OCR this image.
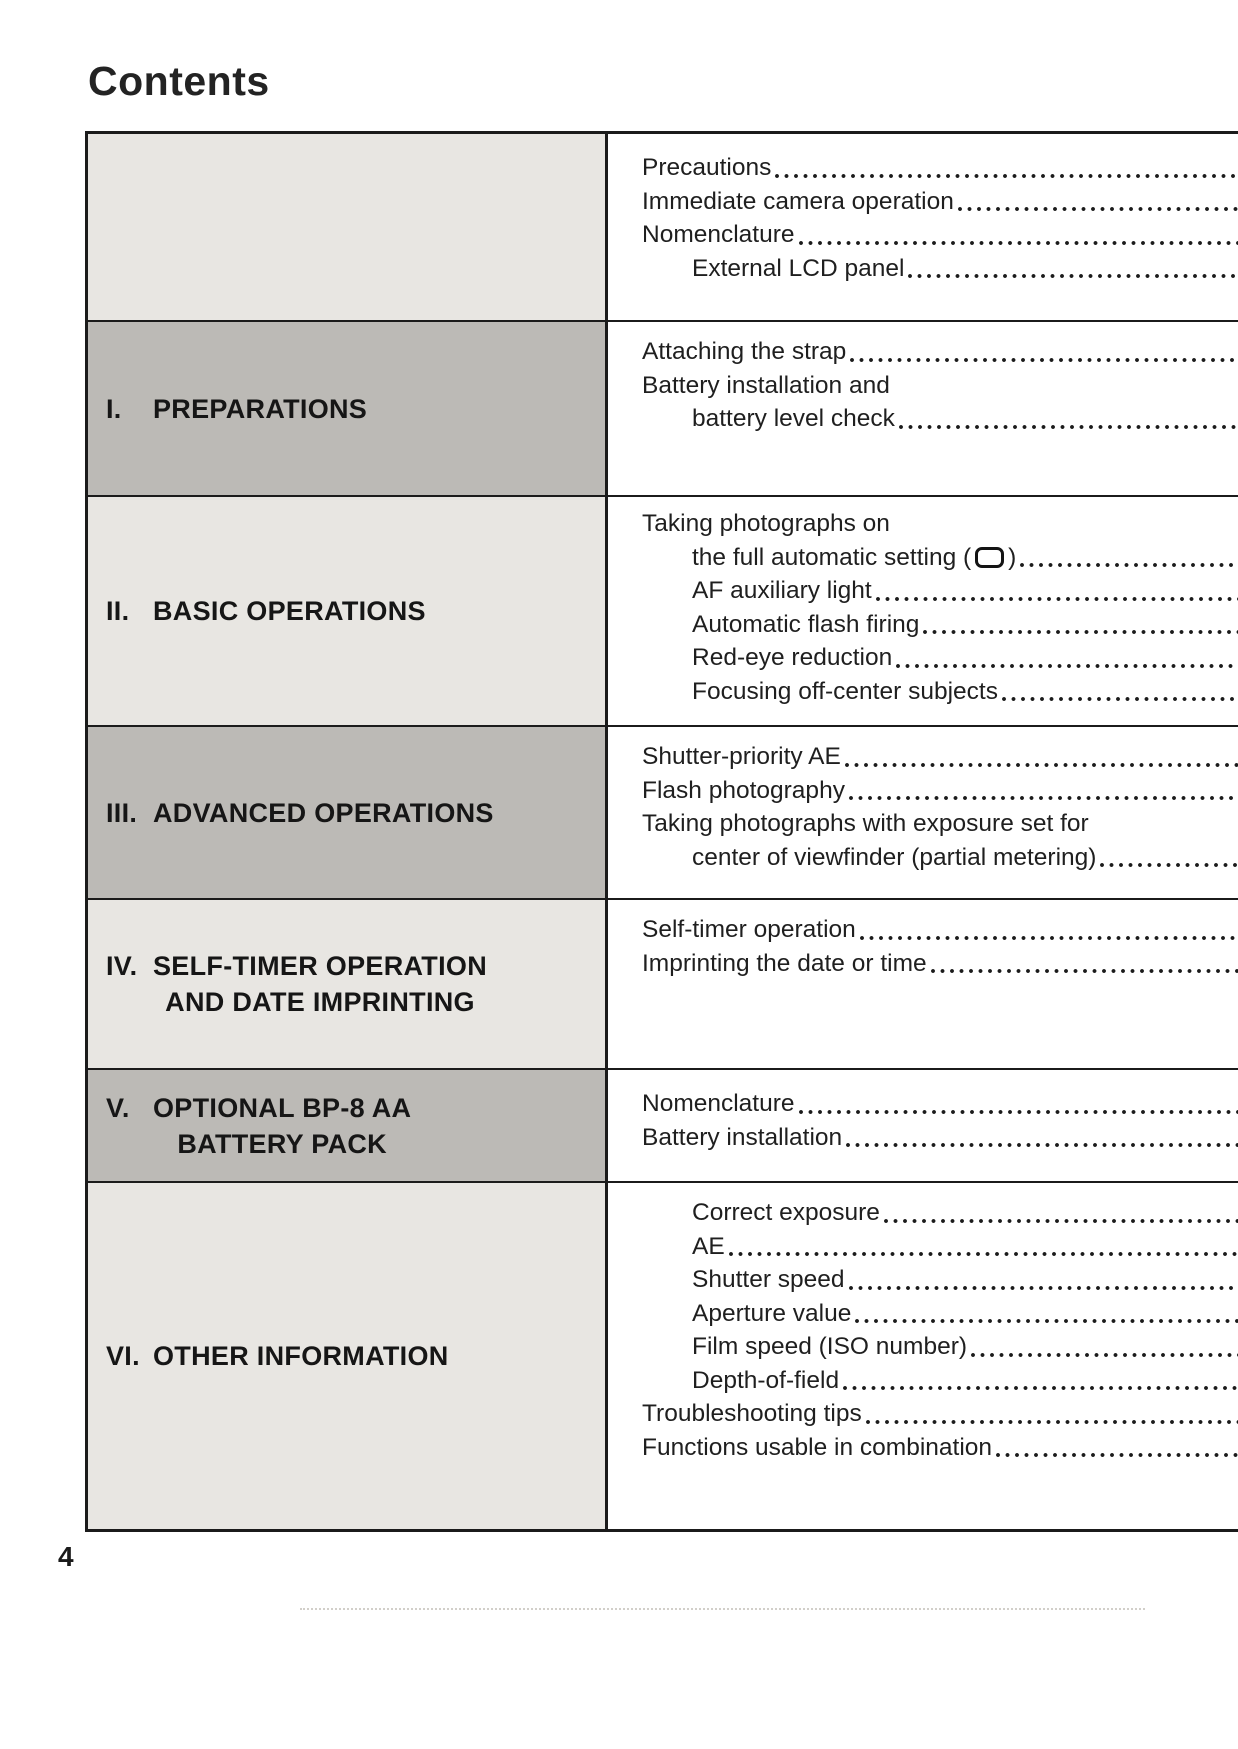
Contents
Precautions
Immediate camera operation
Nomenclature
External LCD panel
I.	PREPARATIONS
Attaching the strap
Battery installation and
battery level check
II. BASIC OPERATIONS
Taking photographs on
the full automatic setting ( )
AF auxiliary light
Automatic flash firing
Red-eye reduction
Focusing off-center subjects
III. ADVANCED OPERATIONS
Shutter-priority AE
Flash photography
Taking photographs with exposure set for
center of viewfinder (partial metering)
IV. SELF-TIMER OPERATION
AND DATE IMPRINTING
Self-timer operation
Imprinting the date or time
V. OPTIONAL BP-8 AA
BATTERY PACK
Nomenclature
Battery installation
VI. OTHER INFORMATION
Correct exposure
AE
Shutter speed
Aperture value
Film speed (ISO number)
Depth-of-field
Troubleshooting tips
Functions usable in combination
4
